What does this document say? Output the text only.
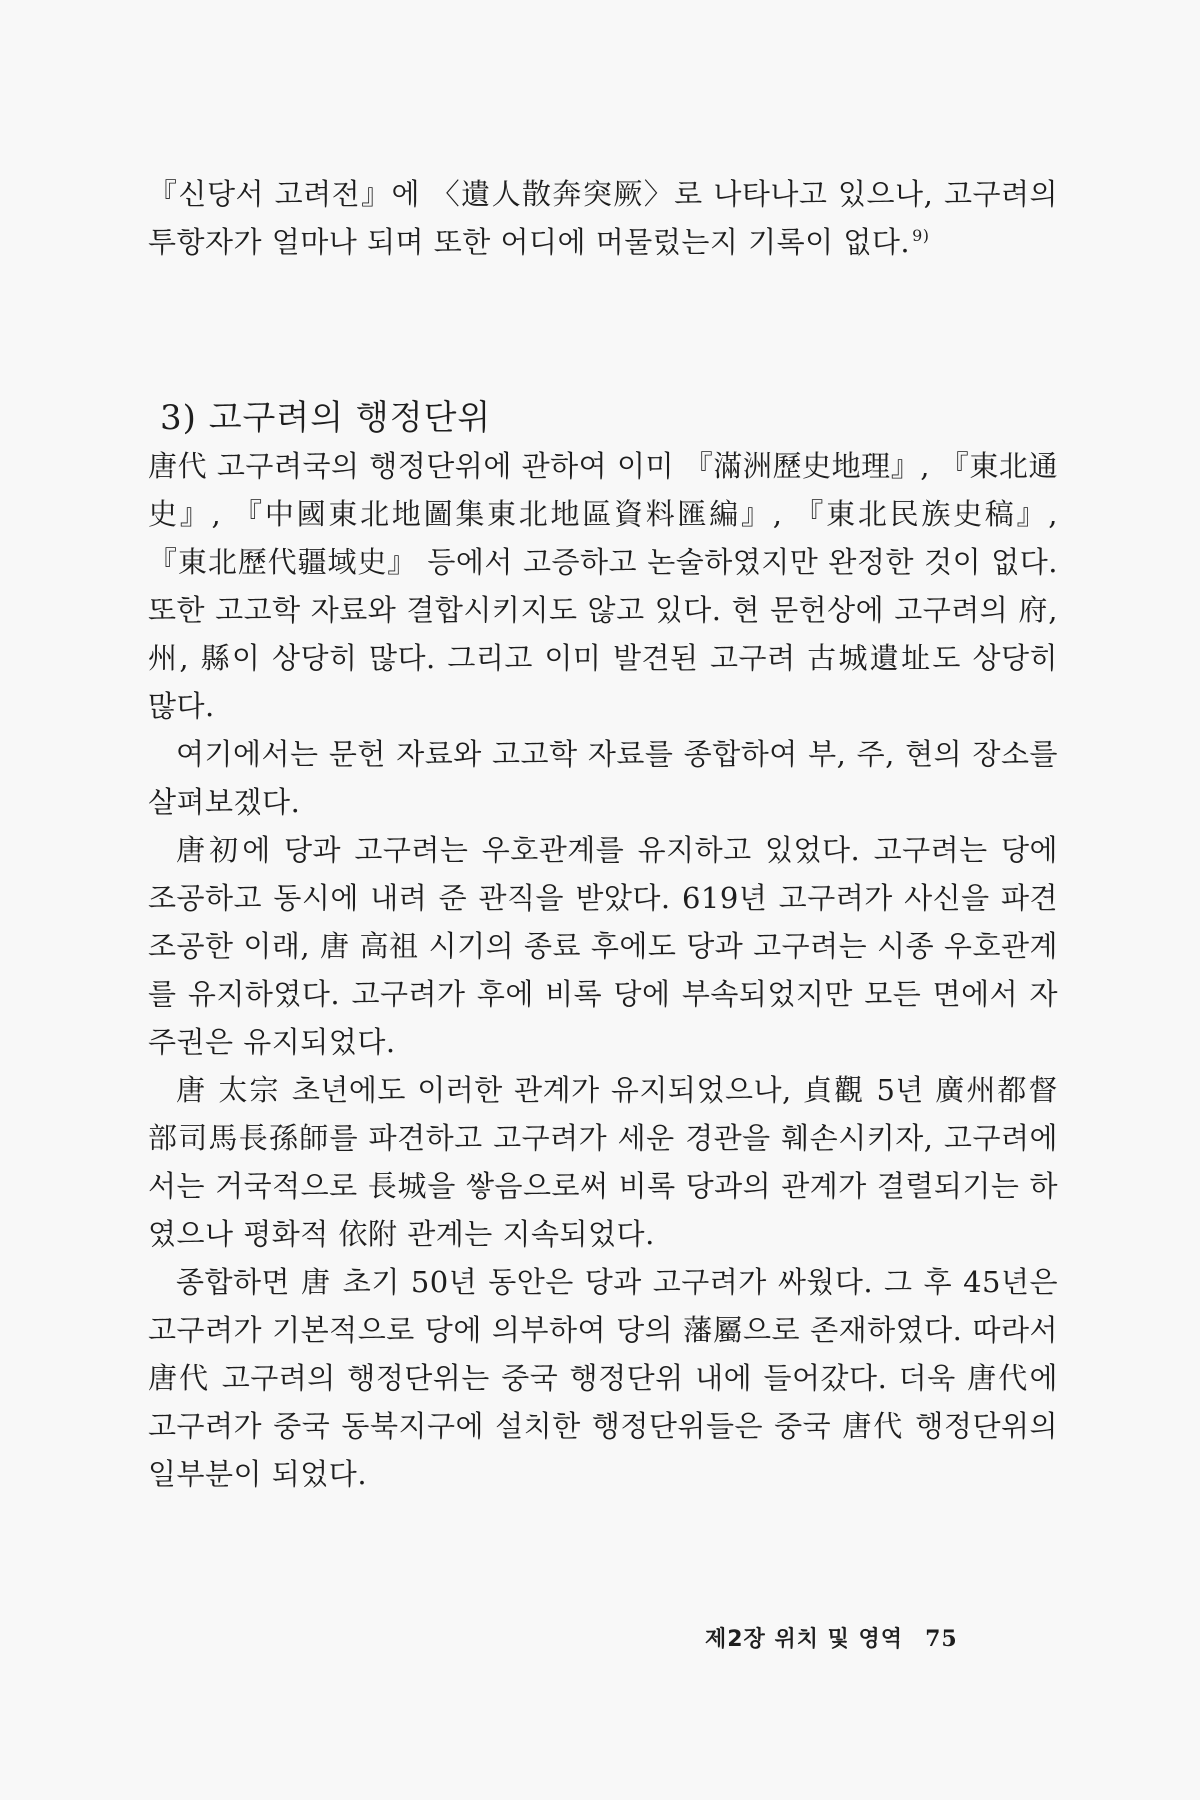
『신당서 고려전』에 〈遺人散奔突厥〉로 나타나고 있으나, 고구려의 투항자가 얼마나 되며 또한 어디에 머물렀는지 기록이 없다. $^{9)}$

3) 고구려의 행정단위

唐代 고구려국의 행정단위에 관하여 이미 『滿洲歷史地理』, 『東北通史』, 『中國東北地圖集東北地區資料匯編』, 『東北民族史稿』, 『東北歷代疆域史』 등에서 고증하고 논술하였지만 완정한 것이 없다. 또한 고고학 자료와 결합시키지도 않고 있다. 현 문헌상에 고구려의 府, 州, 縣이 상당히 많다. 그리고 이미 발견된 고구려 古城遺址도 상당히 많다.

여기에서는 문헌 자료와 고고학 자료를 종합하여 부, 주, 현의 장소를 살펴보겠다.

唐初에 당과 고구려는 우호관계를 유지하고 있었다. 고구려는 당에 조공하고 동시에 내려 준 관직을 받았다. 619년 고구려가 사신을 파견 조공한 이래, 唐 高祖 시기의 종료 후에도 당과 고구려는 시종 우호관계를 유지하였다. 고구려가 후에 비록 당에 부속되었지만 모든 면에서 자주권은 유지되었다.

唐 太宗 초년에도 이러한 관계가 유지되었으나, 貞觀 5년 廣州都督部司馬長孫師를 파견하고 고구려가 세운 경관을 훼손시키자, 고구려에서는 거국적으로 長城을 쌓음으로써 비록 당과의 관계가 결렬되기는 하였으나 평화적 依附 관계는 지속되었다.

종합하면 唐 초기 50년 동안은 당과 고구려가 싸웠다. 그 후 45년은 고구려가 기본적으로 당에 의부하여 당의 藩屬으로 존재하였다. 따라서 唐代 고구려의 행정단위는 중국 행정단위 내에 들어갔다. 더욱 唐代에 고구려가 중국 동북지구에 설치한 행정단위들은 중국 唐代 행정단위의 일부분이 되었다.

제2장 위치 및 영역 75
